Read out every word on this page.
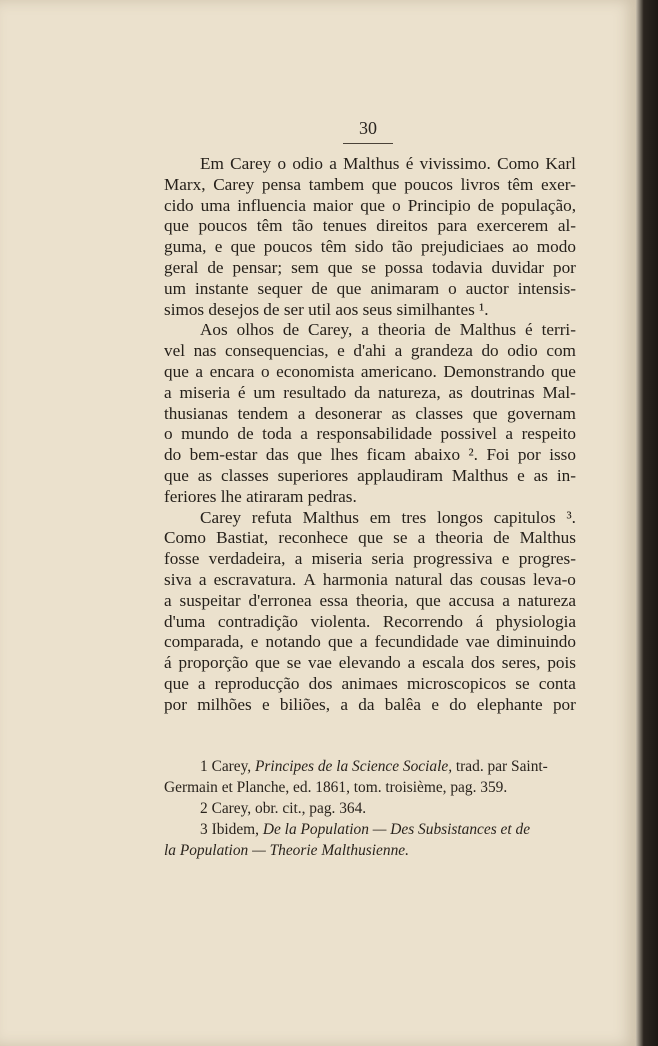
30
Em Carey o odio a Malthus é vivissimo. Como Karl
Marx, Carey pensa tambem que poucos livros têm exer-
cido uma influencia maior que o Principio de população,
que poucos têm tão tenues direitos para exercerem al-
guma, e que poucos têm sido tão prejudiciaes ao modo
geral de pensar; sem que se possa todavia duvidar por
um instante sequer de que animaram o auctor intensis-
simos desejos de ser util aos seus similhantes ¹.
Aos olhos de Carey, a theoria de Malthus é terri-
vel nas consequencias, e d'ahi a grandeza do odio com
que a encara o economista americano. Demonstrando que
a miseria é um resultado da natureza, as doutrinas Mal-
thusianas tendem a desonerar as classes que governam
o mundo de toda a responsabilidade possivel a respeito
do bem-estar das que lhes ficam abaixo ². Foi por isso
que as classes superiores applaudiram Malthus e as in-
feriores lhe atiraram pedras.
Carey refuta Malthus em tres longos capitulos ³.
Como Bastiat, reconhece que se a theoria de Malthus
fosse verdadeira, a miseria seria progressiva e progres-
siva a escravatura. A harmonia natural das cousas leva-o
a suspeitar d'erronea essa theoria, que accusa a natureza
d'uma contradição violenta. Recorrendo á physiologia
comparada, e notando que a fecundidade vae diminuindo
á proporção que se vae elevando a escala dos seres, pois
que a reproducção dos animaes microscopicos se conta
por milhões e biliões, a da balêa e do elephante por
1 Carey, Principes de la Science Sociale, trad. par Saint-
Germain et Planche, ed. 1861, tom. troisième, pag. 359.
2 Carey, obr. cit., pag. 364.
3 Ibidem, De la Population — Des Subsistances et de
la Population — Theorie Malthusienne.
